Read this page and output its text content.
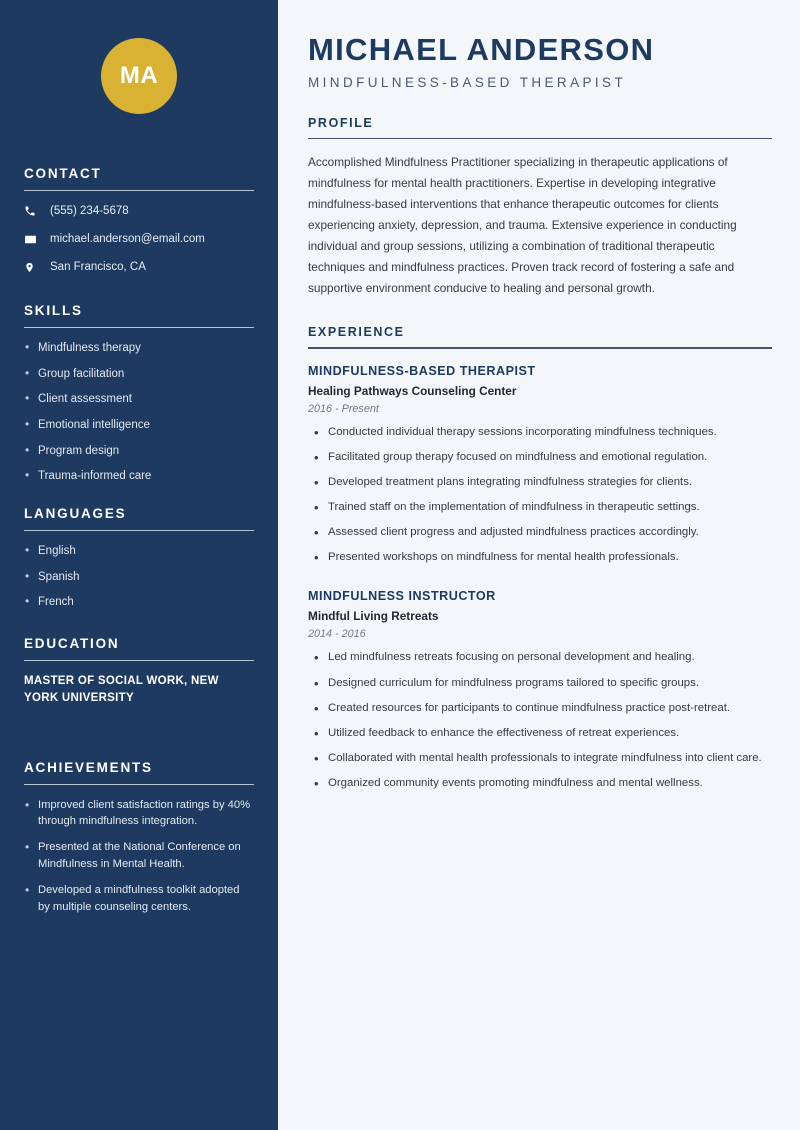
MA
CONTACT
(555) 234-5678
michael.anderson@email.com
San Francisco, CA
SKILLS
• Mindfulness therapy
• Group facilitation
• Client assessment
• Emotional intelligence
• Program design
• Trauma-informed care
LANGUAGES
• English
• Spanish
• French
EDUCATION
MASTER OF SOCIAL WORK, NEW YORK UNIVERSITY
ACHIEVEMENTS
• Improved client satisfaction ratings by 40% through mindfulness integration.
• Presented at the National Conference on Mindfulness in Mental Health.
• Developed a mindfulness toolkit adopted by multiple counseling centers.
MICHAEL ANDERSON
MINDFULNESS-BASED THERAPIST
PROFILE

Accomplished Mindfulness Practitioner specializing in therapeutic applications of mindfulness for mental health practitioners. Expertise in developing integrative mindfulness-based interventions that enhance therapeutic outcomes for clients experiencing anxiety, depression, and trauma. Extensive experience in conducting individual and group sessions, utilizing a combination of traditional therapeutic techniques and mindfulness practices. Proven track record of fostering a safe and supportive environment conducive to healing and personal growth.

EXPERIENCE
MINDFULNESS-BASED THERAPIST
Healing Pathways Counseling Center
2016 - Present
• Conducted individual therapy sessions incorporating mindfulness techniques.
• Facilitated group therapy focused on mindfulness and emotional regulation.
• Developed treatment plans integrating mindfulness strategies for clients.
• Trained staff on the implementation of mindfulness in therapeutic settings.
• Assessed client progress and adjusted mindfulness practices accordingly.
• Presented workshops on mindfulness for mental health professionals.
MINDFULNESS INSTRUCTOR
Mindful Living Retreats
2014 - 2016
• Led mindfulness retreats focusing on personal development and healing.
• Designed curriculum for mindfulness programs tailored to specific groups.
• Created resources for participants to continue mindfulness practice post-retreat.
• Utilized feedback to enhance the effectiveness of retreat experiences.
• Collaborated with mental health professionals to integrate mindfulness into client care.
• Organized community events promoting mindfulness and mental wellness.
